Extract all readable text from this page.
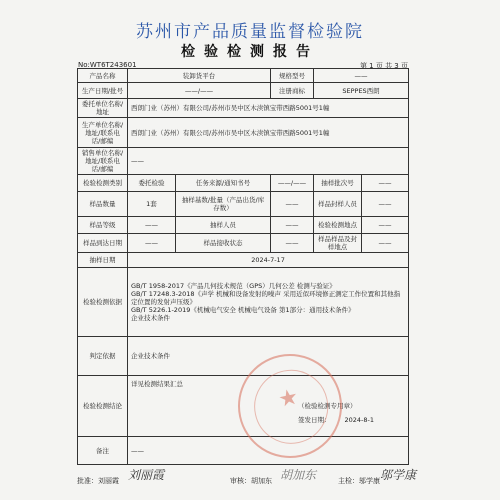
苏州市产品质量监督检验院
检验检测报告
No:WT6T243601	第 1 页 共 3 页
产品名称	装卸货平台		规格型号	——	
生产日期/批号	——/——		注册商标	SEPPES西朗	
委托单位名称/地址	西朗门业（苏州）有限公司/苏州市吴中区木渎镇宝带西路5001号1幢				
生产单位名称/地址/联系电话/邮编	西朗门业（苏州）有限公司/苏州市吴中区木渎镇宝带西路5001号1幢				
销售单位名称/地址/联系电话/邮编	——				
检验检测类别	委托检验	任务来源/通知书号	——/——	抽样批次号	——
样品数量	1套	抽样基数/批量（产品出货/库存数）	——	样品封样人员	——
样品等级	——	抽样人员	——	检验检测地点	——
样品到达日期	——	样品接收状态	——	样品样品及封样地点	——
抽样日期	2024-7-17				
检验检测依据	GB/T 1958-2017《产品几何技术规范（GPS）几何公差 检测与验证》
GB/T 17248.3-2018《声学 机械和设备发射的噪声 采用近似环境修正测定工作位置和其他指定位置的发射声压级》
GB/T 5226.1-2019《机械电气安全 机械电气设备 第1部分：通用技术条件》
企业技术条件				

判定依据	企业技术条件				
检验检测结论	详见检测结果汇总
（检验检测专用章）
签发日期： 2024-8-1				

备注	——				
★
批准：刘丽霞 刘丽霞	审核：胡加东 胡加东	主检：邬学康 邬学康
